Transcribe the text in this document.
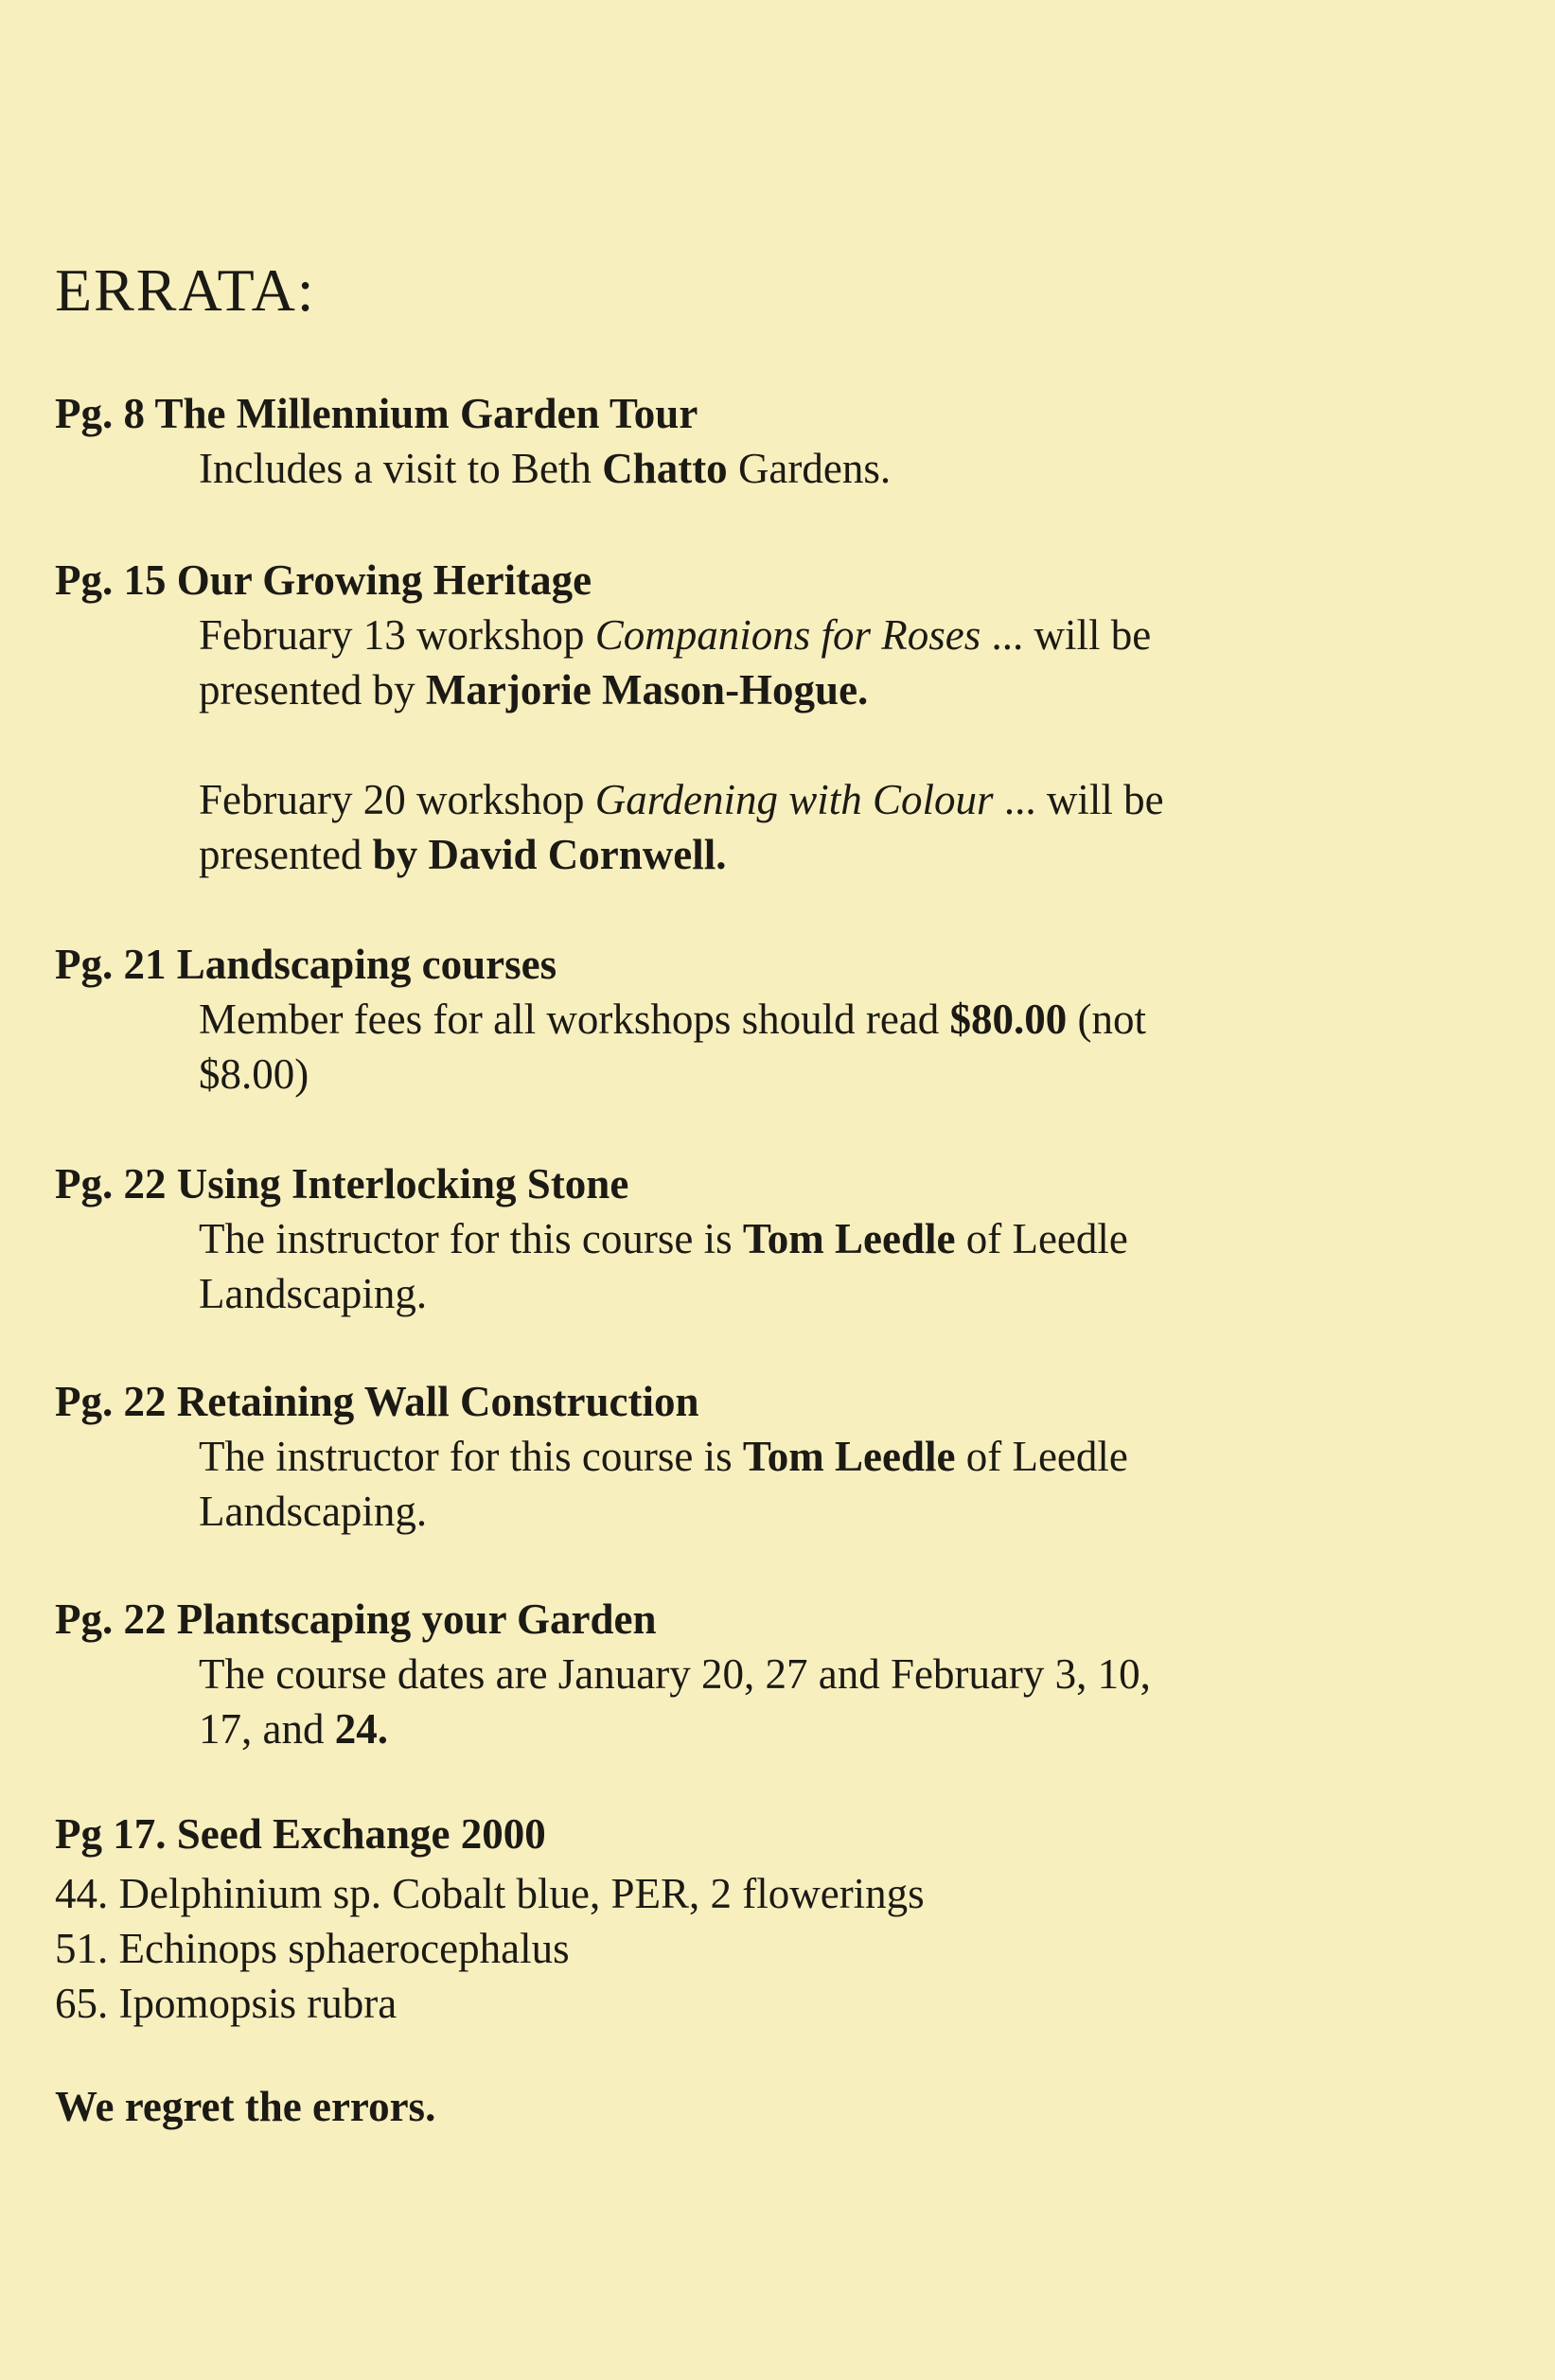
ERRATA:
Pg. 8 The Millennium Garden Tour
Includes a visit to Beth Chatto Gardens.
Pg. 15 Our Growing Heritage
February 13 workshop Companions for Roses ... will be
presented by Marjorie Mason-Hogue.
February 20 workshop Gardening with Colour ... will be
presented by David Cornwell.
Pg. 21 Landscaping courses
Member fees for all workshops should read $80.00 (not
$8.00)
Pg. 22 Using Interlocking Stone
The instructor for this course is Tom Leedle of Leedle
Landscaping.
Pg. 22 Retaining Wall Construction
The instructor for this course is Tom Leedle of Leedle
Landscaping.
Pg. 22 Plantscaping your Garden
The course dates are January 20, 27 and February 3, 10,
17, and 24.
Pg 17. Seed Exchange 2000
44. Delphinium sp. Cobalt blue, PER, 2 flowerings
51. Echinops sphaerocephalus
65. Ipomopsis rubra
We regret the errors.
